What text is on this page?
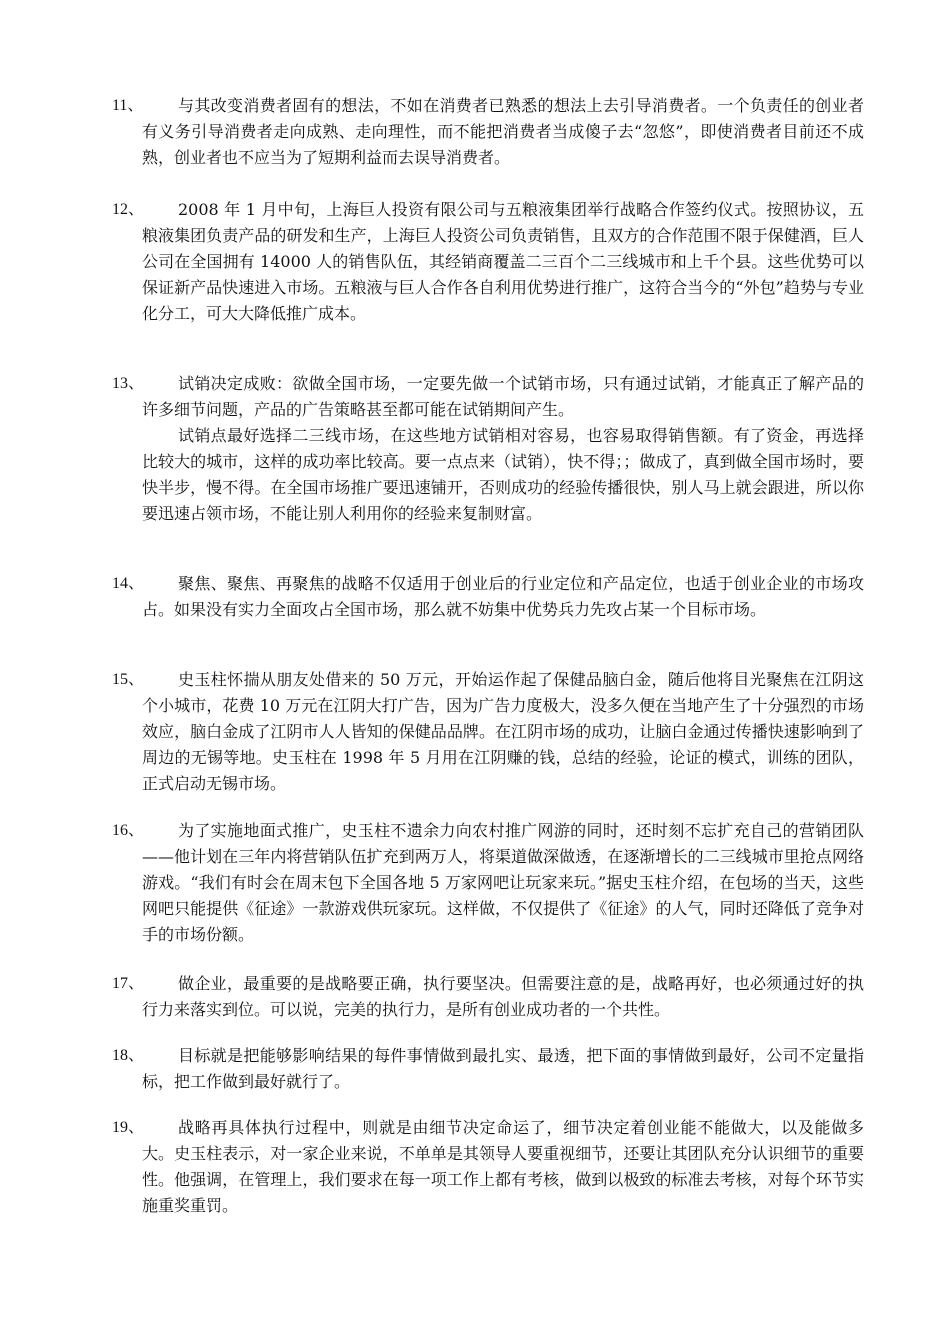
11、	与其改变消费者固有的想法，不如在消费者已熟悉的想法上去引导消费者。一个负责任的创业者有义务引导消费者走向成熟、走向理性，而不能把消费者当成傻子去“忽悠”，即使消费者目前还不成熟，创业者也不应当为了短期利益而去误导消费者。

12、	2008 年 1 月中旬，上海巨人投资有限公司与五粮液集团举行战略合作签约仪式。按照协议，五粮液集团负责产品的研发和生产，上海巨人投资公司负责销售，且双方的合作范围不限于保健酒，巨人公司在全国拥有 14000 人的销售队伍，其经销商覆盖二三百个二三线城市和上千个县。这些优势可以保证新产品快速进入市场。五粮液与巨人合作各自利用优势进行推广，这符合当今的“外包”趋势与专业化分工，可大大降低推广成本。

13、	试销决定成败：欲做全国市场，一定要先做一个试销市场，只有通过试销，才能真正了解产品的许多细节问题，产品的广告策略甚至都可能在试销期间产生。

试销点最好选择二三线市场，在这些地方试销相对容易，也容易取得销售额。有了资金，再选择比较大的城市，这样的成功率比较高。要一点点来（试销），快不得；；做成了，真到做全国市场时，要快半步，慢不得。在全国市场推广要迅速铺开，否则成功的经验传播很快，别人马上就会跟进，所以你要迅速占领市场，不能让别人利用你的经验来复制财富。

14、	聚焦、聚焦、再聚焦的战略不仅适用于创业后的行业定位和产品定位，也适于创业企业的市场攻占。如果没有实力全面攻占全国市场，那么就不妨集中优势兵力先攻占某一个目标市场。

15、	史玉柱怀揣从朋友处借来的 50 万元，开始运作起了保健品脑白金，随后他将目光聚焦在江阴这个小城市，花费 10 万元在江阴大打广告，因为广告力度极大，没多久便在当地产生了十分强烈的市场效应，脑白金成了江阴市人人皆知的保健品品牌。在江阴市场的成功，让脑白金通过传播快速影响到了周边的无锡等地。史玉柱在 1998 年 5 月用在江阴赚的钱，总结的经验，论证的模式，训练的团队，正式启动无锡市场。

16、	为了实施地面式推广，史玉柱不遗余力向农村推广网游的同时，还时刻不忘扩充自己的营销团队——他计划在三年内将营销队伍扩充到两万人，将渠道做深做透，在逐渐增长的二三线城市里抢点网络游戏。“我们有时会在周末包下全国各地 5 万家网吧让玩家来玩。”据史玉柱介绍，在包场的当天，这些网吧只能提供《征途》一款游戏供玩家玩。这样做，不仅提供了《征途》的人气，同时还降低了竞争对手的市场份额。

17、	做企业，最重要的是战略要正确，执行要坚决。但需要注意的是，战略再好，也必须通过好的执行力来落实到位。可以说，完美的执行力，是所有创业成功者的一个共性。

18、	目标就是把能够影响结果的每件事情做到最扎实、最透，把下面的事情做到最好，公司不定量指标，把工作做到最好就行了。

19、	战略再具体执行过程中，则就是由细节决定命运了，细节决定着创业能不能做大，以及能做多大。史玉柱表示，对一家企业来说，不单单是其领导人要重视细节，还要让其团队充分认识细节的重要性。他强调，在管理上，我们要求在每一项工作上都有考核，做到以极致的标准去考核，对每个环节实施重奖重罚。
